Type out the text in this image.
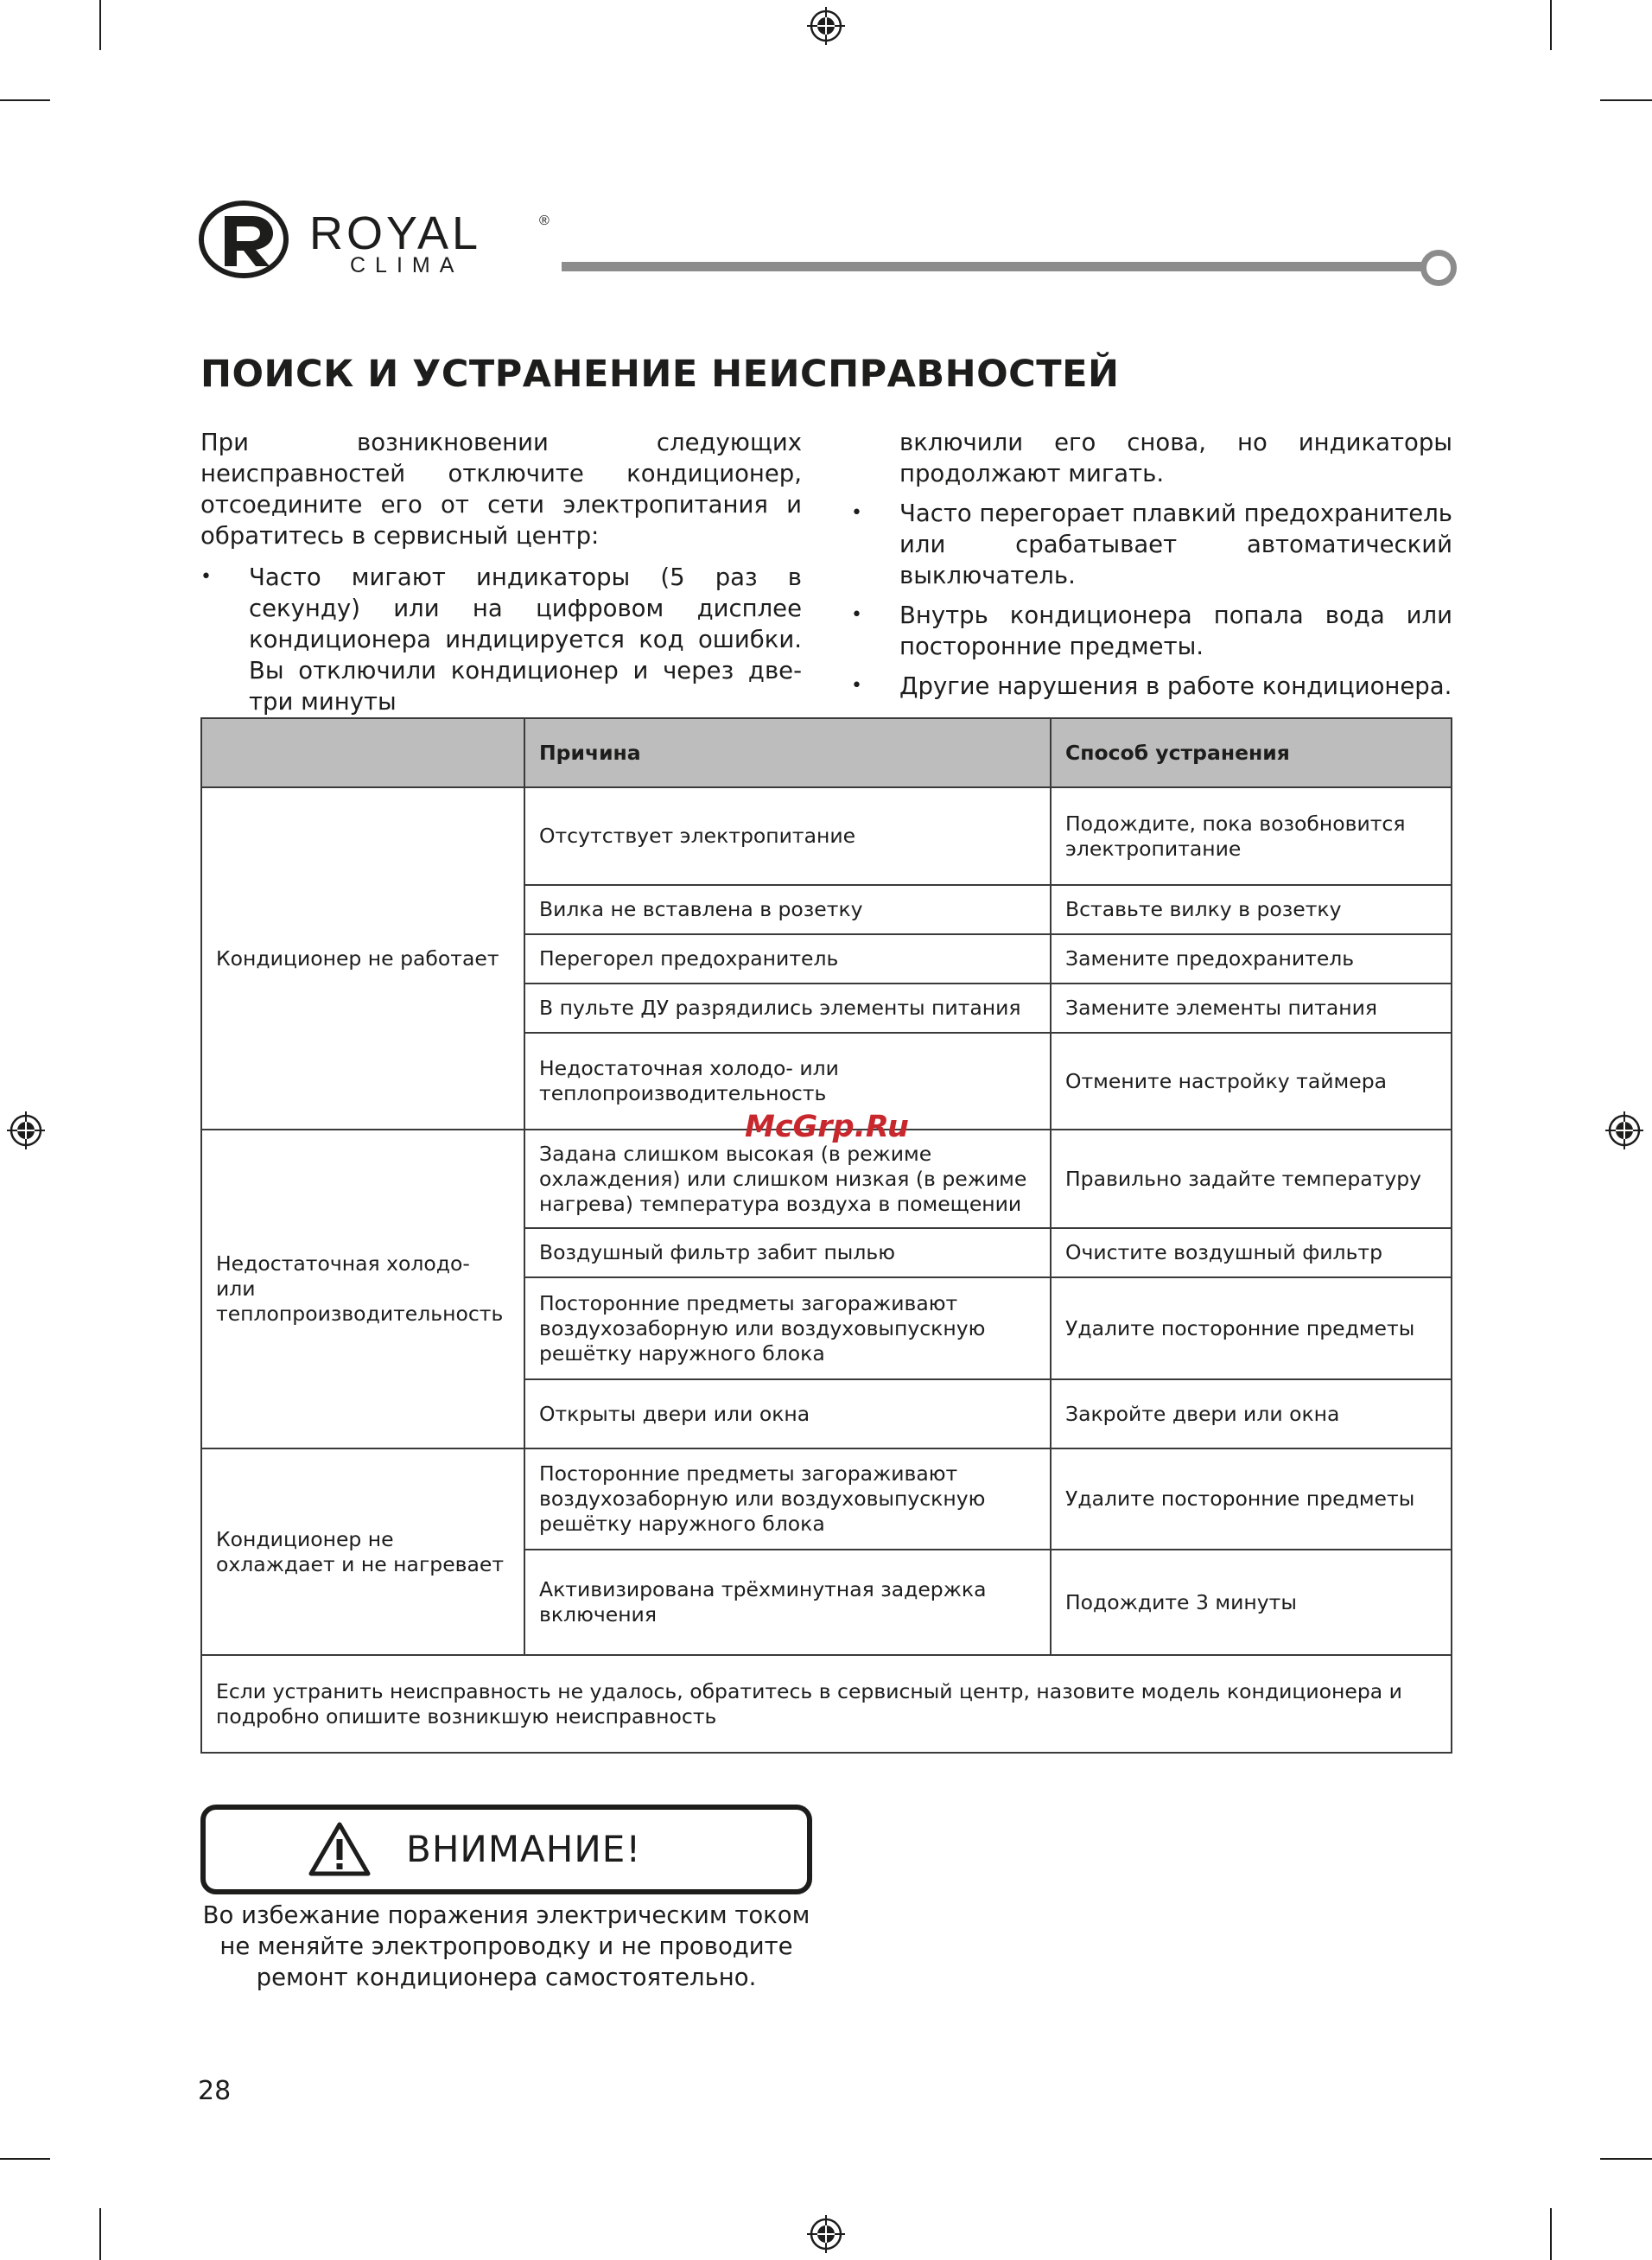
ROYAL	®
CLIMA
ПОИСК И УСТРАНЕНИЕ НЕИСПРАВНОСТЕЙ

При возникновении следующих неисправностей отключите кондиционер, отсоедините его от сети электропитания и обратитесь в сервисный центр:

• Часто мигают индикаторы (5 раз в секунду) или на цифровом дисплее кондиционера индицируется код ошибки. Вы отключили кондиционер и через две-три минуты
включили его снова, но индикаторы продолжают мигать.
• Часто перегорает плавкий предохранитель или срабатывает автоматический выключатель.
• Внутрь кондиционера попала вода или посторонние предметы.
• Другие нарушения в работе кондиционера.
	Причина	Способ устранения
Кондиционер не работает	Отсутствует электропитание	Подождите, пока возобновится электропитание
	Вилка не вставлена в розетку	Вставьте вилку в розетку
	Перегорел предохранитель	Замените предохранитель
	В пульте ДУ разрядились элементы питания	Замените элементы питания
	Недостаточная холодо- или теплопроизводительность	Отмените настройку таймера
Недостаточная холодо- или теплопроизводительность	Задана слишком высокая (в режиме охлаждения) или слишком низкая (в режиме нагрева) температура воздуха в помещении	Правильно задайте температуру
	Воздушный фильтр забит пылью	Очистите воздушный фильтр
	Посторонние предметы загораживают воздухозаборную или воздуховыпускную решётку наружного блока	Удалите посторонние предметы
	Открыты двери или окна	Закройте двери или окна
Кондиционер не охлаждает и не нагревает	Посторонние предметы загораживают воздухозаборную или воздуховыпускную решётку наружного блока	Удалите посторонние предметы
	Активизирована трёхминутная задержка включения	Подождите 3 минуты
Если устранить неисправность не удалось, обратитесь в сервисный центр, назовите модель кондиционера и подробно опишите возникшую неисправность		
McGrp.Ru
ВНИМАНИЕ!
Во избежание поражения электрическим током не меняйте электропроводку и не проводите ремонт кондиционера самостоятельно.
28
